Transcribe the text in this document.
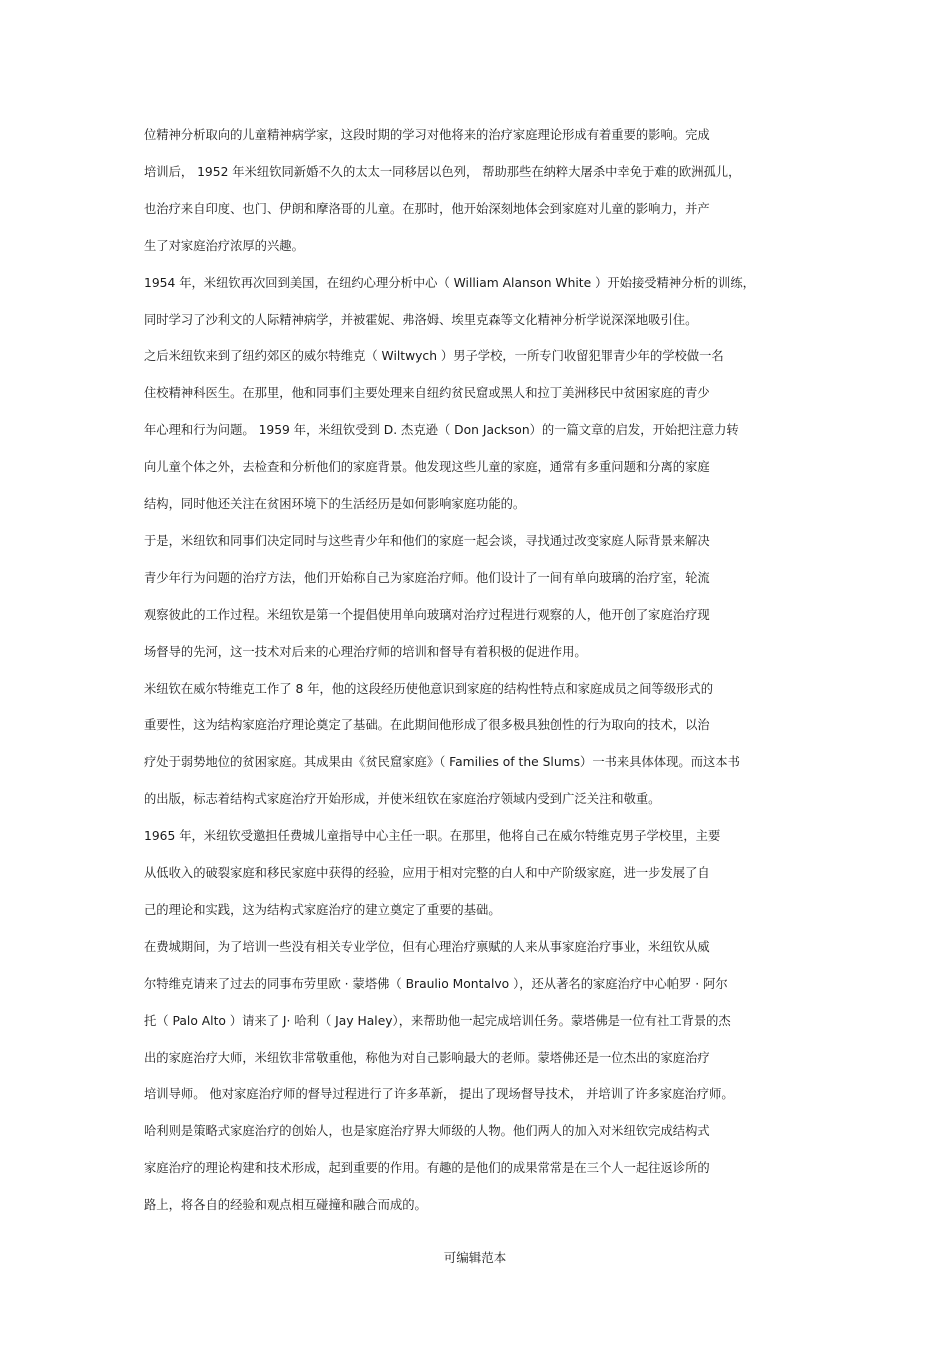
位精神分析取向的儿童精神病学家，这段时期的学习对他将来的治疗家庭理论形成有着重要的影响。完成
培训后， 1952 年米纽钦同新婚不久的太太一同移居以色列， 帮助那些在纳粹大屠杀中幸免于难的欧洲孤儿，
也治疗来自印度、也门、伊朗和摩洛哥的儿童。在那时，他开始深刻地体会到家庭对儿童的影响力，并产
生了对家庭治疗浓厚的兴趣。
1954 年，米纽钦再次回到美国，在纽约心理分析中心（ William Alanson White ）开始接受精神分析的训练，
同时学习了沙利文的人际精神病学，并被霍妮、弗洛姆、埃里克森等文化精神分析学说深深地吸引住。
之后米纽钦来到了纽约郊区的威尔特维克（ Wiltwych ）男子学校，一所专门收留犯罪青少年的学校做一名
住校精神科医生。在那里，他和同事们主要处理来自纽约贫民窟或黑人和拉丁美洲移民中贫困家庭的青少
年心理和行为问题。 1959 年，米纽钦受到 D. 杰克逊（ Don Jackson）的一篇文章的启发，开始把注意力转
向儿童个体之外，去检查和分析他们的家庭背景。他发现这些儿童的家庭，通常有多重问题和分离的家庭
结构，同时他还关注在贫困环境下的生活经历是如何影响家庭功能的。
于是，米纽钦和同事们决定同时与这些青少年和他们的家庭一起会谈，寻找通过改变家庭人际背景来解决
青少年行为问题的治疗方法，他们开始称自己为家庭治疗师。他们设计了一间有单向玻璃的治疗室，轮流
观察彼此的工作过程。米纽钦是第一个提倡使用单向玻璃对治疗过程进行观察的人，他开创了家庭治疗现
场督导的先河，这一技术对后来的心理治疗师的培训和督导有着积极的促进作用。
米纽钦在威尔特维克工作了 8 年，他的这段经历使他意识到家庭的结构性特点和家庭成员之间等级形式的
重要性，这为结构家庭治疗理论奠定了基础。在此期间他形成了很多极具独创性的行为取向的技术，以治
疗处于弱势地位的贫困家庭。其成果由《贫民窟家庭》（ Families of the Slums）一书来具体体现。而这本书
的出版，标志着结构式家庭治疗开始形成，并使米纽钦在家庭治疗领域内受到广泛关注和敬重。
1965 年，米纽钦受邀担任费城儿童指导中心主任一职。在那里，他将自己在威尔特维克男子学校里，主要
从低收入的破裂家庭和移民家庭中获得的经验，应用于相对完整的白人和中产阶级家庭，进一步发展了自
己的理论和实践，这为结构式家庭治疗的建立奠定了重要的基础。
在费城期间，为了培训一些没有相关专业学位，但有心理治疗禀赋的人来从事家庭治疗事业，米纽钦从威
尔特维克请来了过去的同事布劳里欧 · 蒙塔佛（ Braulio Montalvo ），还从著名的家庭治疗中心帕罗 · 阿尔
托（ Palo Alto ）请来了 J· 哈利（ Jay Haley），来帮助他一起完成培训任务。蒙塔佛是一位有社工背景的杰
出的家庭治疗大师，米纽钦非常敬重他，称他为对自己影响最大的老师。蒙塔佛还是一位杰出的家庭治疗
培训导师。 他对家庭治疗师的督导过程进行了许多革新， 提出了现场督导技术， 并培训了许多家庭治疗师。
哈利则是策略式家庭治疗的创始人，也是家庭治疗界大师级的人物。他们两人的加入对米纽钦完成结构式
家庭治疗的理论构建和技术形成，起到重要的作用。有趣的是他们的成果常常是在三个人一起往返诊所的
路上，将各自的经验和观点相互碰撞和融合而成的。
可编辑范本
